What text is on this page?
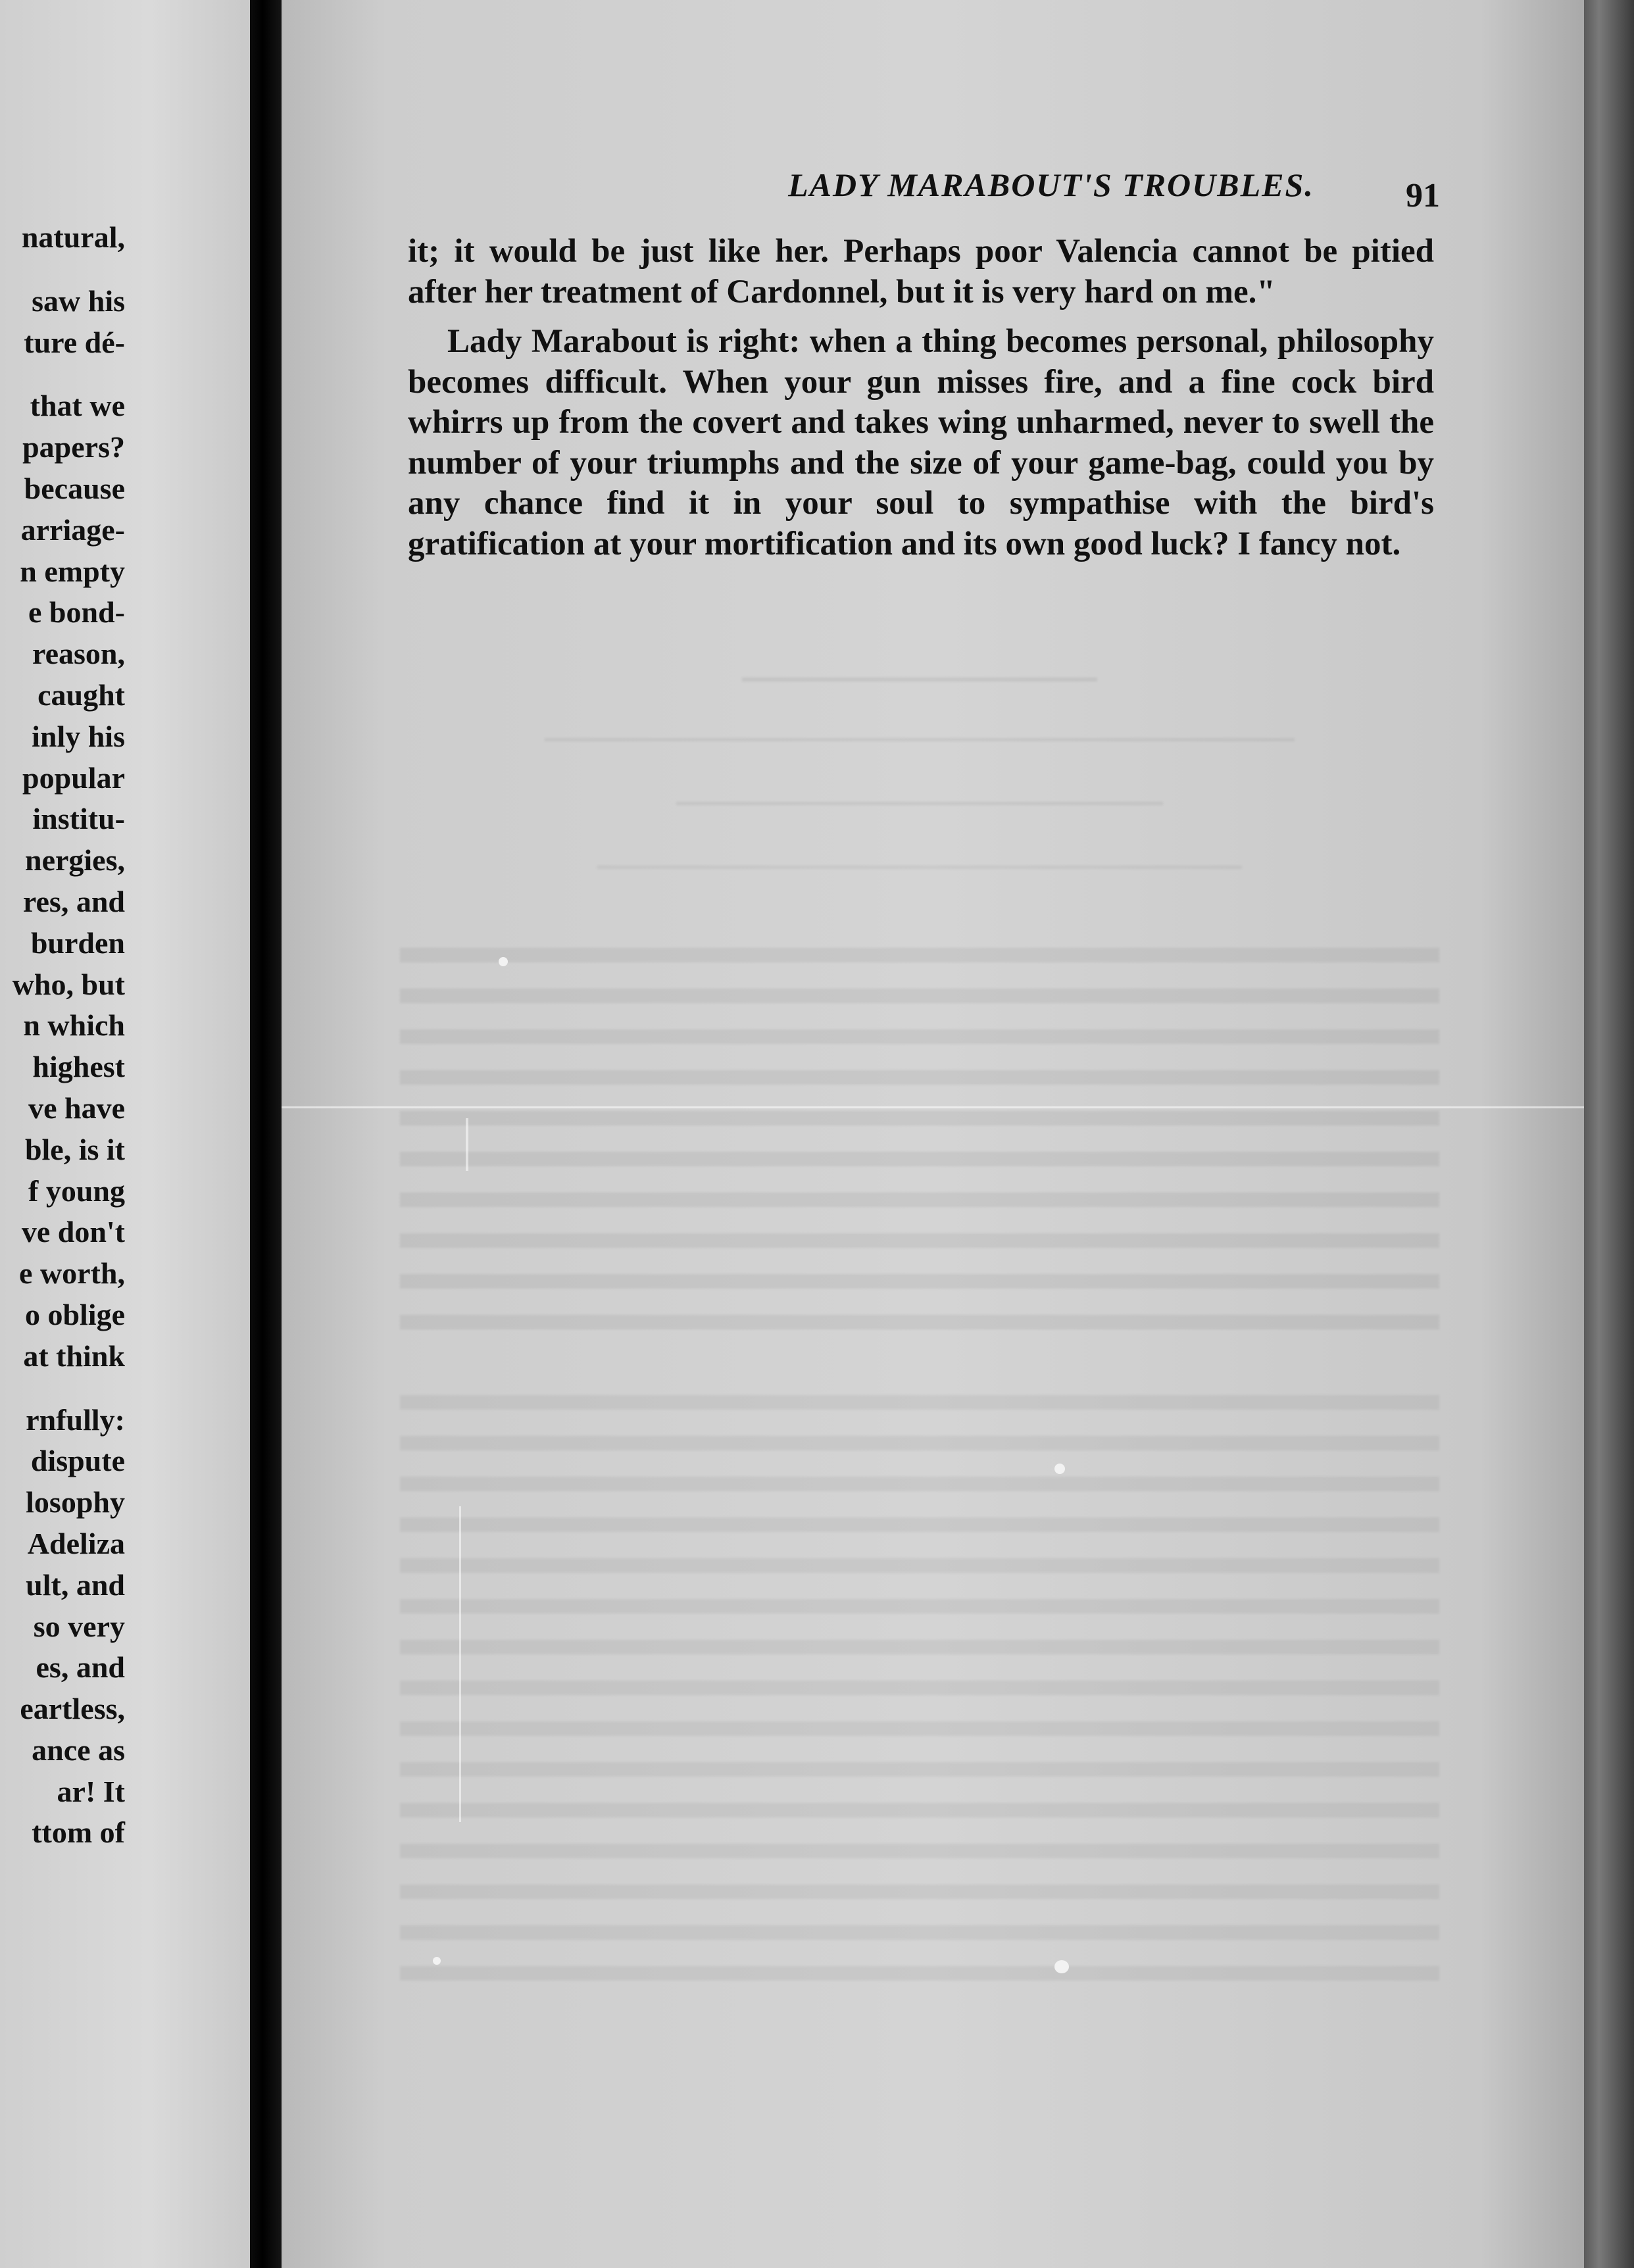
natural,
saw his
ture dé-
that we
papers?
because
arriage-
n empty
e bond-
reason,
caught
inly his
popular
institu-
nergies,
res, and
burden
who, but
n which
highest
ve have
ble, is it
f young
ve don't
e worth,
o oblige
at think
rnfully:
dispute
losophy
Adeliza
ult, and
so very
es, and
eartless,
ance as
ar! It
ttom of
LADY MARABOUT'S TROUBLES.	91

it; it would be just like her. Perhaps poor Valencia cannot be pitied after her treatment of Cardonnel, but it is very hard on me."

Lady Marabout is right: when a thing becomes personal, philosophy becomes difficult. When your gun misses fire, and a fine cock bird whirrs up from the covert and takes wing unharmed, never to swell the number of your triumphs and the size of your game-bag, could you by any chance find it in your soul to sympathise with the bird's gratification at your mortification and its own good luck? I fancy not.
